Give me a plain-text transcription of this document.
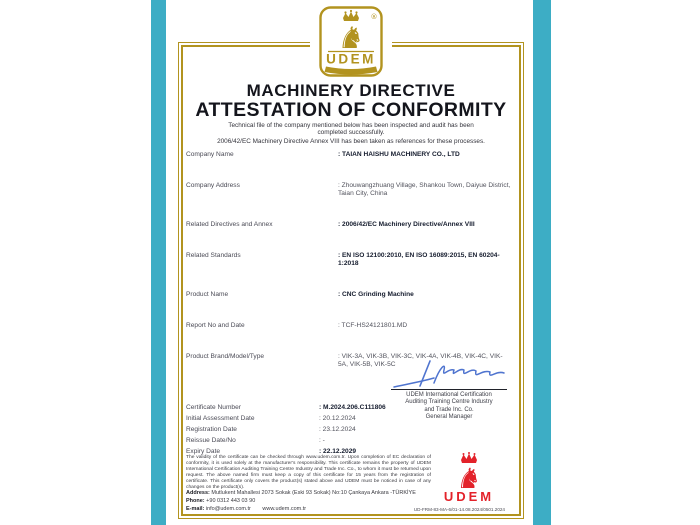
®
♞
UDEM

MACHINERY DIRECTIVE

ATTESTATION OF CONFORMITY

Technical file of the company mentioned below has been inspected and audit has been completed successfully.
2006/42/EC Machinery Directive Annex VIII has been taken as references for these processes.
Company Name	: TAIAN HAISHU MACHINERY CO., LTD
Company Address	: Zhouwangzhuang Village, Shankou Town, Daiyue District, Taian City, China
Related Directives and Annex	: 2006/42/EC Machinery Directive/Annex VIII
Related Standards	: EN ISO 12100:2010, EN ISO 16089:2015, EN 60204-1:2018
Product Name	: CNC Grinding Machine
Report No and Date	: TCF-HS24121801.MD
Product Brand/Model/Type	: VIK-3A, VIK-3B, VIK-3C, VIK-4A, VIK-4B, VIK-4C, VIK-5A, VIK-5B, VIK-5C
UDEM International Certification
Auditing Training Centre Industry
and Trade Inc. Co.
General Manager
Certificate Number	: M.2024.206.C111806
Initial Assessment Date	: 20.12.2024
Registration Date	: 23.12.2024
Reissue Date/No	: -
Expiry Date	: 22.12.2029
The validity of the certificate can be checked through www.udem.com.tr. Upon completion of EC declaration of conformity, it is used solely at the manufacturer's responsibility. This certificate remains the property of UDEM International Certification Auditing Training Centre Industry and Trade Inc. Co., to whom it must be returned upon request. The above named firm must keep a copy of this certificate for 15 years from the registration of certificate. This certificate only covers the product(s) stated above and UDEM must be noticed in case of any changes on the product(s).
Address: Mutlukent Mahallesi 2073 Sokak (Eski 93 Sokak) No:10 Çankaya Ankara -TÜRKİYE
Phone: +90 0312 443 03 90
E-mail: info@udem.com.tr www.udem.com.tr	UD-FRM-83-MA-6/01-14.08.2024/0501.2024
♞
UDEM
